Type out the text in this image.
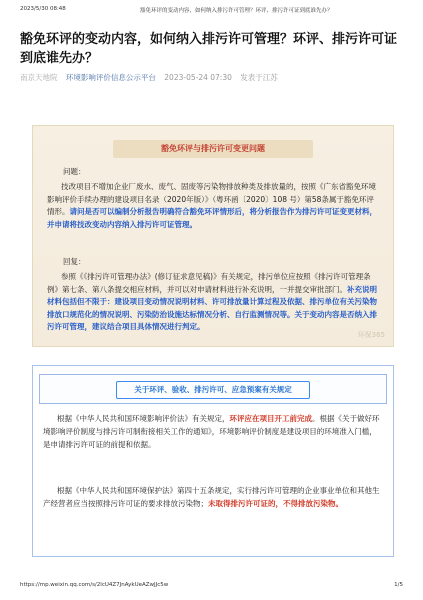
2023/5/30 08:48	豁免环评的变动内容，如何纳入排污许可管理？环评、排污许可证到底谁先办？
豁免环评的变动内容，如何纳入排污许可管理？环评、排污许可证到底谁先办？
南京天地院 环境影响评价信息公示平台 2023-05-24 07:30 发表于江苏
豁免环评与排污许可变更问题
问题：
技改项目不增加企业厂废水、废气、固废等污染物排放种类及排放量的，按照《广东省豁免环境影响评价手续办理的建设项目名录（2020年版）》（粤环函〔2020〕108 号）第58条属于豁免环评情形。请问是否可以编制分析报告明确符合豁免环评情形后，将分析报告作为排污许可证变更材料，并申请将技改变动内容纳入排污许可证管理。
回复：
参照《《排污许可管理办法》(修订征求意见稿)》有关规定，排污单位应按照《排污许可管理条例》第七条、第八条提交相应材料，并可以对申请材料进行补充说明，一并提交审批部门。补充说明材料包括但不限于：建设项目变动情况说明材料、许可排放量计算过程及依据、排污单位有关污染物排放口规范化的情况说明、污染防治设施达标情况分析、自行监测情况等。关于变动内容是否纳入排污许可管理，建议结合项目具体情况进行判定。
环保365
关于环评、验收、排污许可、应急预案有关规定
根据《中华人民共和国环境影响评价法》有关规定，环评应在项目开工前完成。根据《关于做好环境影响评价制度与排污许可制衔接相关工作的通知》，环境影响评价制度是建设项目的环境准入门槛，是申请排污许可证的前提和依据。
根据《中华人民共和国环境保护法》第四十五条规定，实行排污许可管理的企业事业单位和其他生产经营者应当按照排污许可证的要求排放污染物；未取得排污许可证的，不得排放污染物。
https://mp.weixin.qq.com/s/2lcU4Z7JnAykUeAZwJJc5w	1/5
